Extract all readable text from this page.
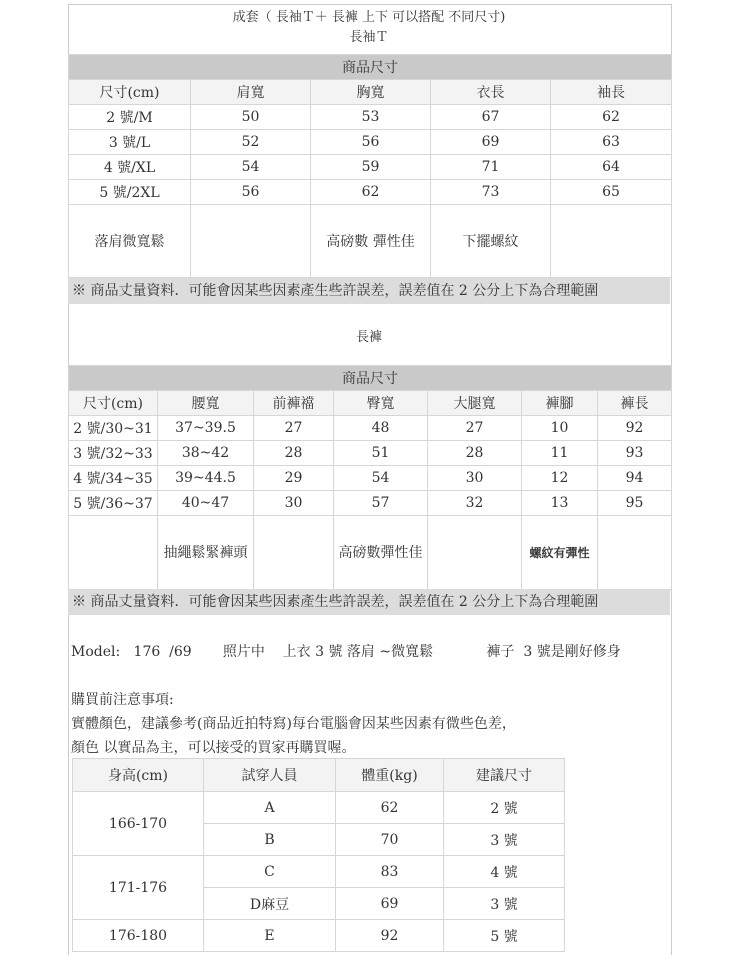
成套（ 長袖Ｔ＋ 長褲 上下 可以搭配 不同尺寸)
長袖Ｔ
商品尺寸				
尺寸(cm)	肩寬	胸寬	衣長	袖長
2 號/M	50	53	67	62
3 號/L	52	56	69	63
4 號/XL	54	59	71	64
5 號/2XL	56	62	73	65
落肩微寬鬆		高磅數 彈性佳	下擺螺紋	
※ 商品丈量資料．可能會因某些因素產生些許誤差，誤差值在 2 公分上下為合理範圍
長褲
商品尺寸						
尺寸(cm)	腰寬	前褲襠	臀寬	大腿寬	褲腳	褲長
2 號/30~31	37~39.5	27	48	27	10	92
3 號/32~33	38~42	28	51	28	11	93
4 號/34~35	39~44.5	29	54	30	12	94
5 號/36~37	40~47	30	57	32	13	95
	抽繩鬆緊褲頭		高磅數彈性佳		螺紋有彈性	
※ 商品丈量資料．可能會因某些因素產生些許誤差，誤差值在 2 公分上下為合理範圍
Model:   176  /69       照片中    上衣 3 號 落肩 ~微寬鬆            褲子  3 號是剛好修身
購買前注意事項:
實體顏色，建議參考(商品近拍特寫)每台電腦會因某些因素有微些色差，
顏色 以實品為主，可以接受的買家再購買喔。
身高(cm)	試穿人員	體重(kg)	建議尺寸
166-170	A	62	2 號
	B	70	3 號
171-176	C	83	4 號
	D麻豆	69	3 號
176-180	E	92	5 號
